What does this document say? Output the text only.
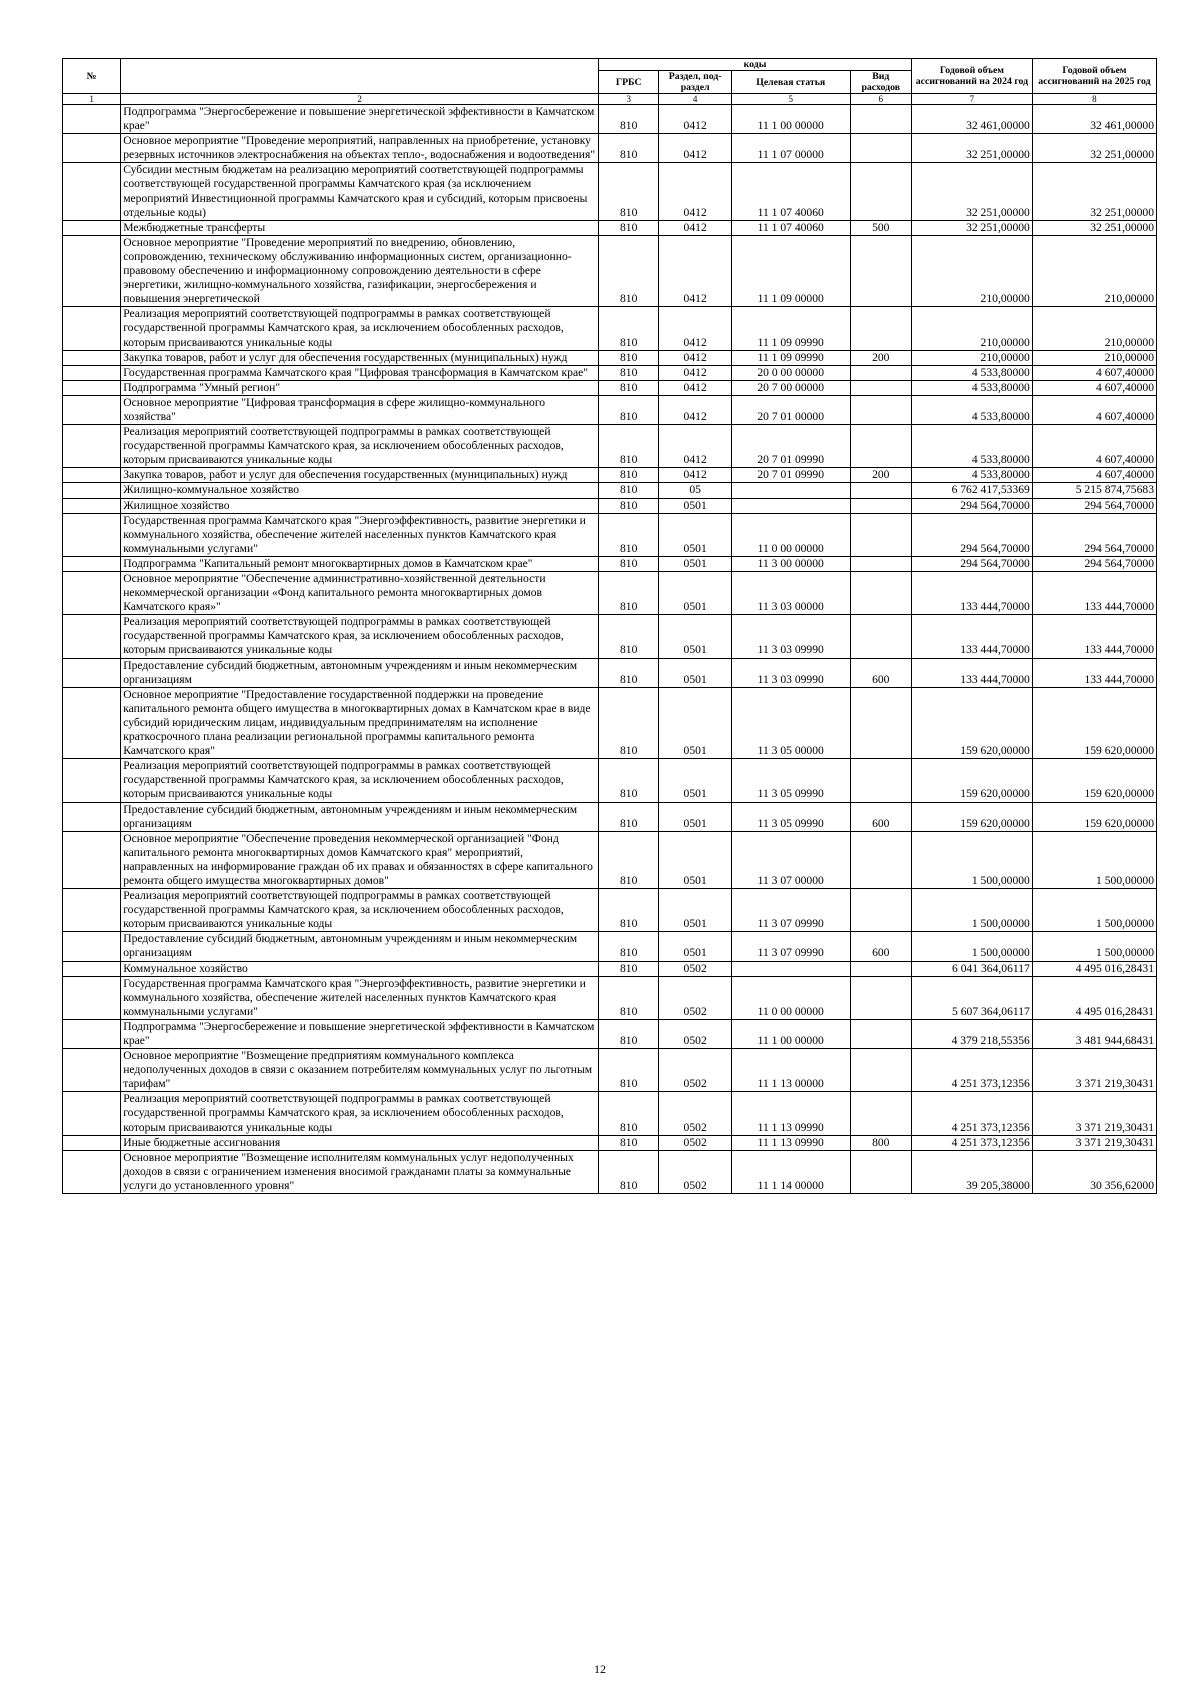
№		коды				Годовой объем ассигнований на 2024 год	Годовой объем ассигнований на 2025 год
		ГРБС	Раздел, под-раздел	Целевая статья	Вид расходов		
1	2	3	4	5	6	7	8
	Подпрограмма "Энергосбережение и повышение энергетической эффективности в Камчатском крае"	810	0412	11 1 00 00000		32 461,00000	32 461,00000
	Основное мероприятие "Проведение мероприятий, направленных на приобретение, установку резервных источников электроснабжения на объектах тепло-, водоснабжения и водоотведения"	810	0412	11 1 07 00000		32 251,00000	32 251,00000
	Субсидии местным бюджетам на реализацию мероприятий соответствующей подпрограммы соответствующей государственной программы Камчатского края (за исключением мероприятий Инвестиционной программы Камчатского края и субсидий, которым присвоены отдельные коды)	810	0412	11 1 07 40060		32 251,00000	32 251,00000
	Межбюджетные трансферты	810	0412	11 1 07 40060	500	32 251,00000	32 251,00000
	Основное мероприятие "Проведение мероприятий по внедрению, обновлению, сопровождению, техническому обслуживанию информационных систем, организационно-правовому обеспечению и информационному сопровождению деятельности в сфере энергетики, жилищно-коммунального хозяйства, газификации, энергосбережения и повышения энергетической	810	0412	11 1 09 00000		210,00000	210,00000
	Реализация мероприятий соответствующей подпрограммы в рамках соответствующей государственной программы Камчатского края, за исключением обособленных расходов, которым присваиваются уникальные коды	810	0412	11 1 09 09990		210,00000	210,00000
	Закупка товаров, работ и услуг для обеспечения государственных (муниципальных) нужд	810	0412	11 1 09 09990	200	210,00000	210,00000
	Государственная программа Камчатского края "Цифровая трансформация в Камчатском крае"	810	0412	20 0 00 00000		4 533,80000	4 607,40000
	Подпрограмма "Умный регион"	810	0412	20 7 00 00000		4 533,80000	4 607,40000
	Основное мероприятие "Цифровая трансформация в сфере жилищно-коммунального хозяйства"	810	0412	20 7 01 00000		4 533,80000	4 607,40000
	Реализация мероприятий соответствующей подпрограммы в рамках соответствующей государственной программы Камчатского края, за исключением обособленных расходов, которым присваиваются уникальные коды	810	0412	20 7 01 09990		4 533,80000	4 607,40000
	Закупка товаров, работ и услуг для обеспечения государственных (муниципальных) нужд	810	0412	20 7 01 09990	200	4 533,80000	4 607,40000
	Жилищно-коммунальное хозяйство	810	05			6 762 417,53369	5 215 874,75683
	Жилищное хозяйство	810	0501			294 564,70000	294 564,70000
	Государственная программа Камчатского края "Энергоэффективность, развитие энергетики и коммунального хозяйства, обеспечение жителей населенных пунктов Камчатского края коммунальными услугами"	810	0501	11 0 00 00000		294 564,70000	294 564,70000
	Подпрограмма "Капитальный ремонт многоквартирных домов в Камчатском крае"	810	0501	11 3 00 00000		294 564,70000	294 564,70000
	Основное мероприятие "Обеспечение административно-хозяйственной деятельности некоммерческой организации «Фонд капитального ремонта многоквартирных домов Камчатского края»"	810	0501	11 3 03 00000		133 444,70000	133 444,70000
	Реализация мероприятий соответствующей подпрограммы в рамках соответствующей государственной программы Камчатского края, за исключением обособленных расходов, которым присваиваются уникальные коды	810	0501	11 3 03 09990		133 444,70000	133 444,70000
	Предоставление субсидий бюджетным, автономным учреждениям и иным некоммерческим организациям	810	0501	11 3 03 09990	600	133 444,70000	133 444,70000
	Основное мероприятие "Предоставление государственной поддержки на проведение капитального ремонта общего имущества в многоквартирных домах в Камчатском крае в виде субсидий юридическим лицам, индивидуальным предпринимателям на исполнение краткосрочного плана реализации региональной программы капитального ремонта Камчатского края"	810	0501	11 3 05 00000		159 620,00000	159 620,00000
	Реализация мероприятий соответствующей подпрограммы в рамках соответствующей государственной программы Камчатского края, за исключением обособленных расходов, которым присваиваются уникальные коды	810	0501	11 3 05 09990		159 620,00000	159 620,00000
	Предоставление субсидий бюджетным, автономным учреждениям и иным некоммерческим организациям	810	0501	11 3 05 09990	600	159 620,00000	159 620,00000
	Основное мероприятие "Обеспечение проведения некоммерческой организацией "Фонд капитального ремонта многоквартирных домов Камчатского края" мероприятий, направленных на информирование граждан об их правах и обязанностях в сфере капитального ремонта общего имущества многоквартирных домов"	810	0501	11 3 07 00000		1 500,00000	1 500,00000
	Реализация мероприятий соответствующей подпрограммы в рамках соответствующей государственной программы Камчатского края, за исключением обособленных расходов, которым присваиваются уникальные коды	810	0501	11 3 07 09990		1 500,00000	1 500,00000
	Предоставление субсидий бюджетным, автономным учреждениям и иным некоммерческим организациям	810	0501	11 3 07 09990	600	1 500,00000	1 500,00000
	Коммунальное хозяйство	810	0502			6 041 364,06117	4 495 016,28431
	Государственная программа Камчатского края "Энергоэффективность, развитие энергетики и коммунального хозяйства, обеспечение жителей населенных пунктов Камчатского края коммунальными услугами"	810	0502	11 0 00 00000		5 607 364,06117	4 495 016,28431
	Подпрограмма "Энергосбережение и повышение энергетической эффективности в Камчатском крае"	810	0502	11 1 00 00000		4 379 218,55356	3 481 944,68431
	Основное мероприятие "Возмещение предприятиям коммунального комплекса недополученных доходов в связи с оказанием потребителям коммунальных услуг по льготным тарифам"	810	0502	11 1 13 00000		4 251 373,12356	3 371 219,30431
	Реализация мероприятий соответствующей подпрограммы в рамках соответствующей государственной программы Камчатского края, за исключением обособленных расходов, которым присваиваются уникальные коды	810	0502	11 1 13 09990		4 251 373,12356	3 371 219,30431
	Иные бюджетные ассигнования	810	0502	11 1 13 09990	800	4 251 373,12356	3 371 219,30431
	Основное мероприятие "Возмещение исполнителям коммунальных услуг недополученных доходов в связи с ограничением изменения вносимой гражданами платы за коммунальные услуги до установленного уровня"	810	0502	11 1 14 00000		39 205,38000	30 356,62000
12
